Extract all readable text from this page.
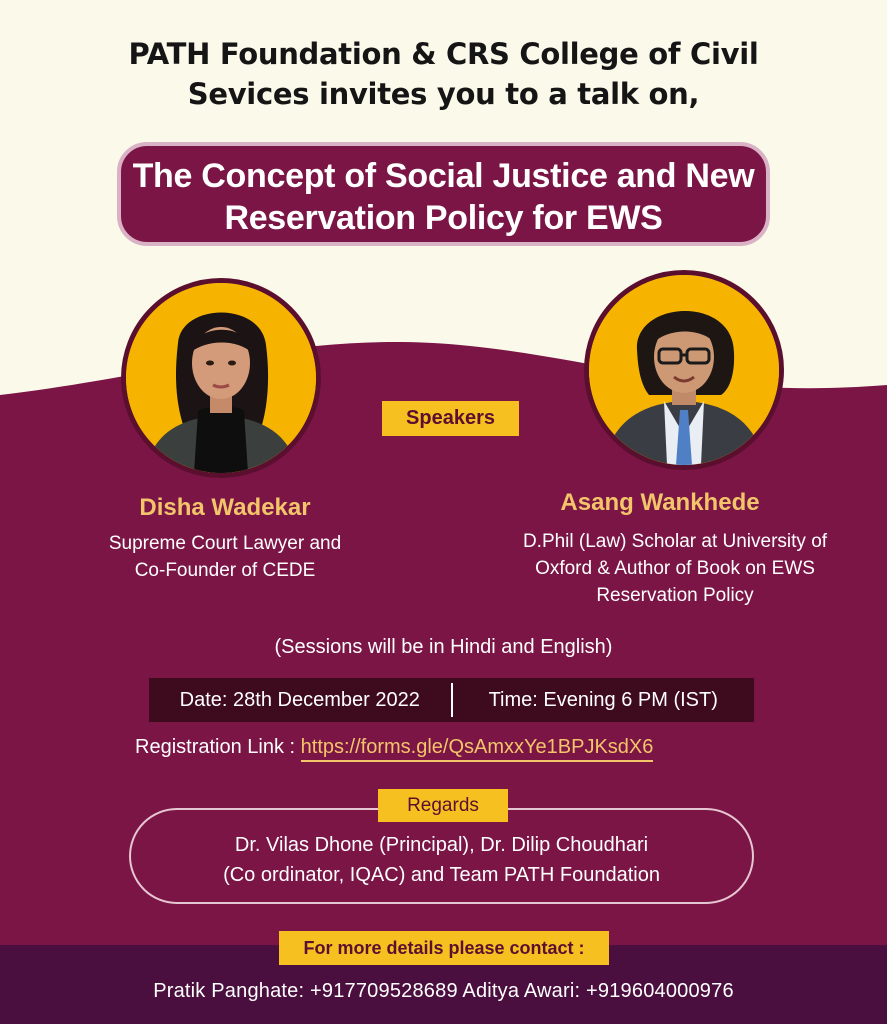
PATH Foundation & CRS College of Civil
Sevices invites you to a talk on,
The Concept of Social Justice and New
Reservation Policy for EWS
Speakers
Disha Wadekar
Supreme Court Lawyer and
Co-Founder of CEDE
Asang Wankhede
D.Phil (Law) Scholar at University of
Oxford & Author of Book on EWS
Reservation Policy
(Sessions will be in Hindi and English)
Date: 28th December 2022	Time: Evening 6 PM (IST)
Registration Link : https://forms.gle/QsAmxxYe1BPJKsdX6
Regards
Dr. Vilas Dhone (Principal), Dr. Dilip Choudhari
(Co ordinator, IQAC) and Team PATH Foundation
For more details please contact :
Pratik Panghate: +917709528689 Aditya Awari: +919604000976
